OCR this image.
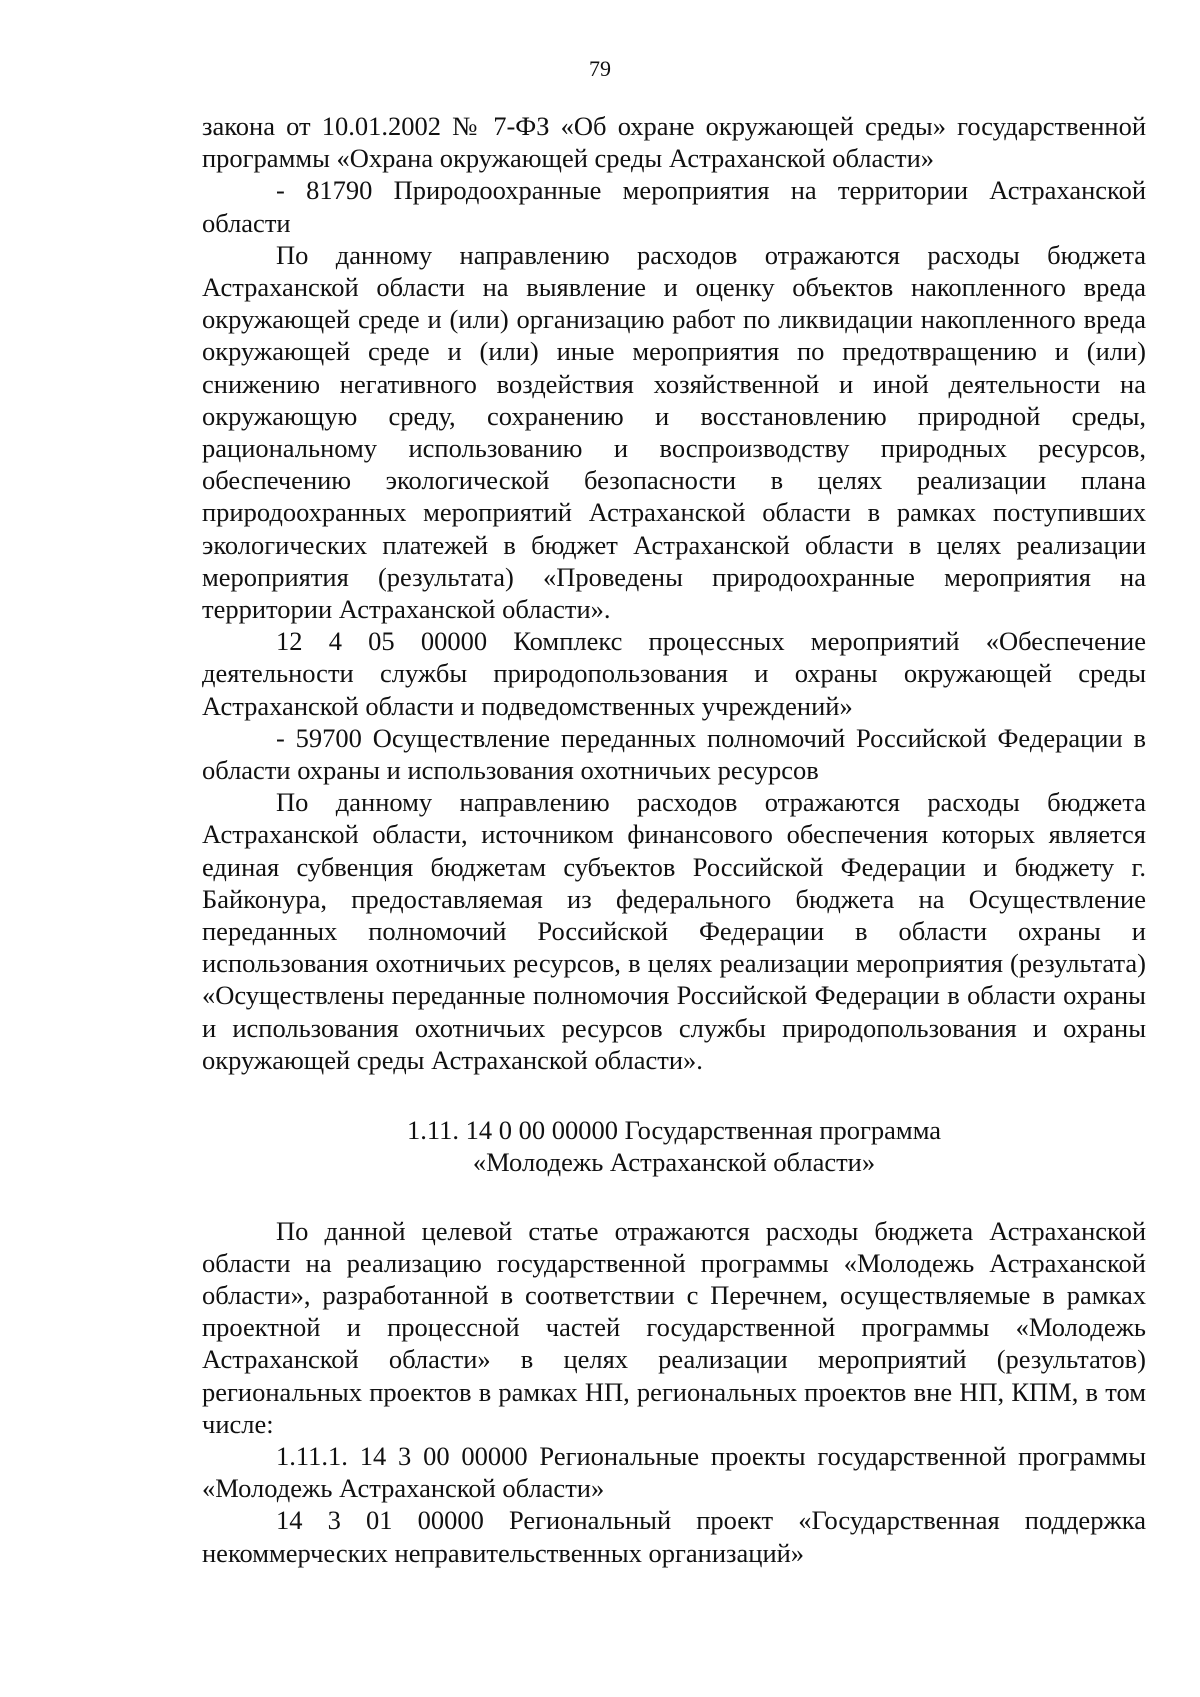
79

закона от 10.01.2002 № 7-ФЗ «Об охране окружающей среды» государственной программы «Охрана окружающей среды Астраханской области»

- 81790 Природоохранные мероприятия на территории Астраханской области

По данному направлению расходов отражаются расходы бюджета Астраханской области на выявление и оценку объектов накопленного вреда окружающей среде и (или) организацию работ по ликвидации накопленного вреда окружающей среде и (или) иные мероприятия по предотвращению и (или) снижению негативного воздействия хозяйственной и иной деятельности на окружающую среду, сохранению и восстановлению природной среды, рациональному использованию и воспроизводству природных ресурсов, обеспечению экологической безопасности в целях реализации плана природоохранных мероприятий Астраханской области в рамках поступивших экологических платежей в бюджет Астраханской области в целях реализации мероприятия (результата) «Проведены природоохранные мероприятия на территории Астраханской области».

12 4 05 00000 Комплекс процессных мероприятий «Обеспечение деятельности службы природопользования и охраны окружающей среды Астраханской области и подведомственных учреждений»

- 59700 Осуществление переданных полномочий Российской Федерации в области охраны и использования охотничьих ресурсов

По данному направлению расходов отражаются расходы бюджета Астраханской области, источником финансового обеспечения которых является единая субвенция бюджетам субъектов Российской Федерации и бюджету г. Байконура, предоставляемая из федерального бюджета на Осуществление переданных полномочий Российской Федерации в области охраны и использования охотничьих ресурсов, в целях реализации мероприятия (результата) «Осуществлены переданные полномочия Российской Федерации в области охраны и использования охотничьих ресурсов службы природопользования и охраны окружающей среды Астраханской области».

1.11. 14 0 00 00000 Государственная программа
«Молодежь Астраханской области»

По данной целевой статье отражаются расходы бюджета Астраханской области на реализацию государственной программы «Молодежь Астраханской области», разработанной в соответствии с Перечнем, осуществляемые в рамках проектной и процессной частей государственной программы «Молодежь Астраханской области» в целях реализации мероприятий (результатов) региональных проектов в рамках НП, региональных проектов вне НП, КПМ, в том числе:

1.11.1. 14 3 00 00000 Региональные проекты государственной программы «Молодежь Астраханской области»

14 3 01 00000 Региональный проект «Государственная поддержка некоммерческих неправительственных организаций»
